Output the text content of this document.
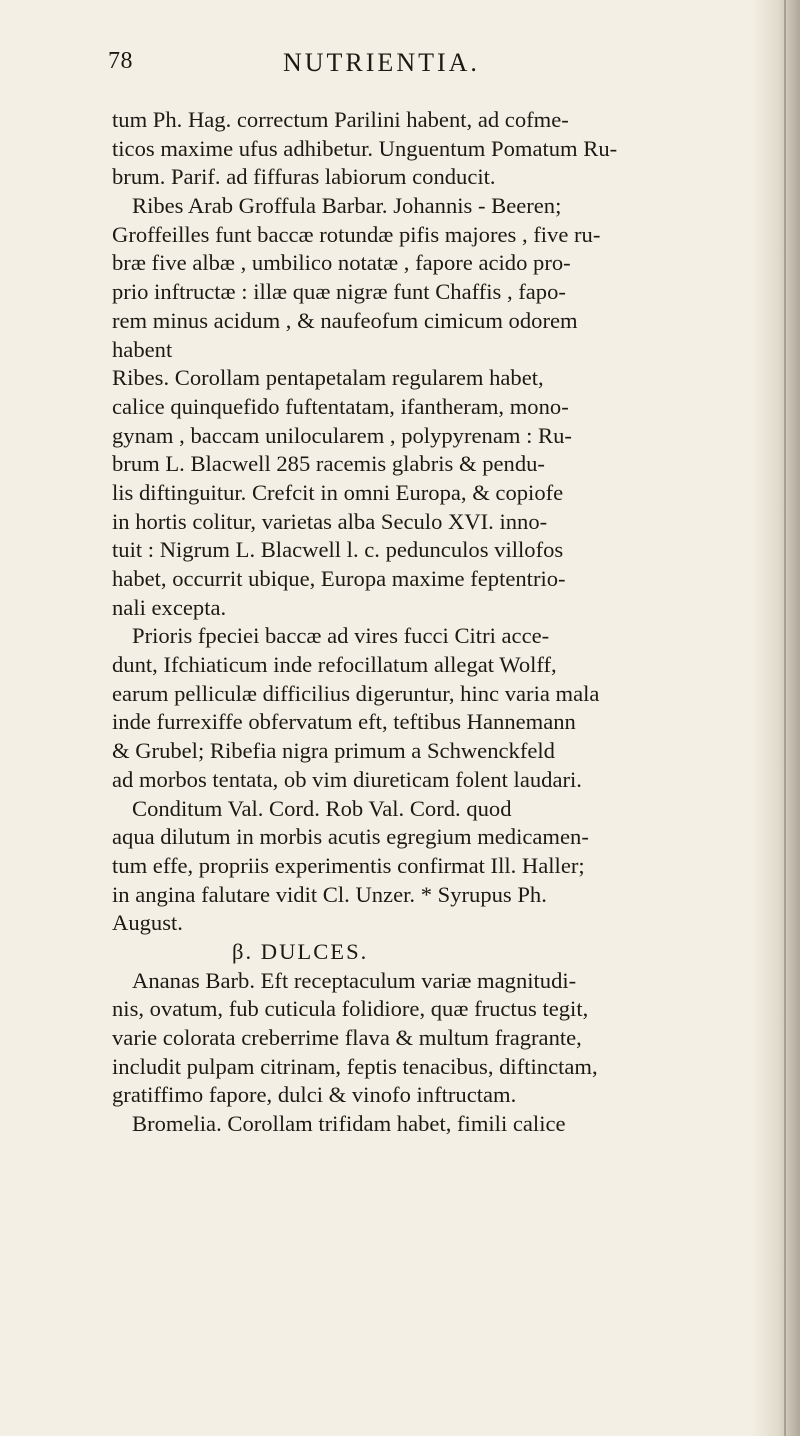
78	NUTRIENTIA.
tum Ph. Hag. correctum Parilini habent, ad cofme-
ticos maxime ufus adhibetur. Unguentum Pomatum Ru-
brum. Parif. ad fiffuras labiorum conducit.
Ribes Arab Groffula Barbar. Johannis - Beeren;
Groffeilles funt baccæ rotundæ pifis majores , five ru-
bræ five albæ , umbilico notatæ , fapore acido pro-
prio inftructæ : illæ quæ nigræ funt Chaffis , fapo-
rem minus acidum , & naufeofum cimicum odorem
habent
Ribes. Corollam pentapetalam regularem habet,
calice quinquefido fuftentatam, ifantheram, mono-
gynam , baccam unilocularem , polypyrenam : Ru-
brum L. Blacwell 285 racemis glabris & pendu-
lis diftinguitur. Crefcit in omni Europa, & copiofe
in hortis colitur, varietas alba Seculo XVI. inno-
tuit : Nigrum L. Blacwell l. c. pedunculos villofos
habet, occurrit ubique, Europa maxime feptentrio-
nali excepta.
Prioris fpeciei baccæ ad vires fucci Citri acce-
dunt, Ifchiaticum inde refocillatum allegat Wolff,
earum pelliculæ difficilius digeruntur, hinc varia mala
inde furrexiffe obfervatum eft, teftibus Hannemann
& Grubel; Ribefia nigra primum a Schwenckfeld
ad morbos tentata, ob vim diureticam folent laudari.
Conditum Val. Cord. Rob Val. Cord. quod
aqua dilutum in morbis acutis egregium medicamen-
tum effe, propriis experimentis confirmat Ill. Haller;
in angina falutare vidit Cl. Unzer. * Syrupus Ph.
August.
β. DULCES.
Ananas Barb. Eft receptaculum variæ magnitudi-
nis, ovatum, fub cuticula folidiore, quæ fructus tegit,
varie colorata creberrime flava & multum fragrante,
includit pulpam citrinam, feptis tenacibus, diftinctam,
gratiffimo fapore, dulci & vinofo inftructam.
Bromelia. Corollam trifidam habet, fimili calice
